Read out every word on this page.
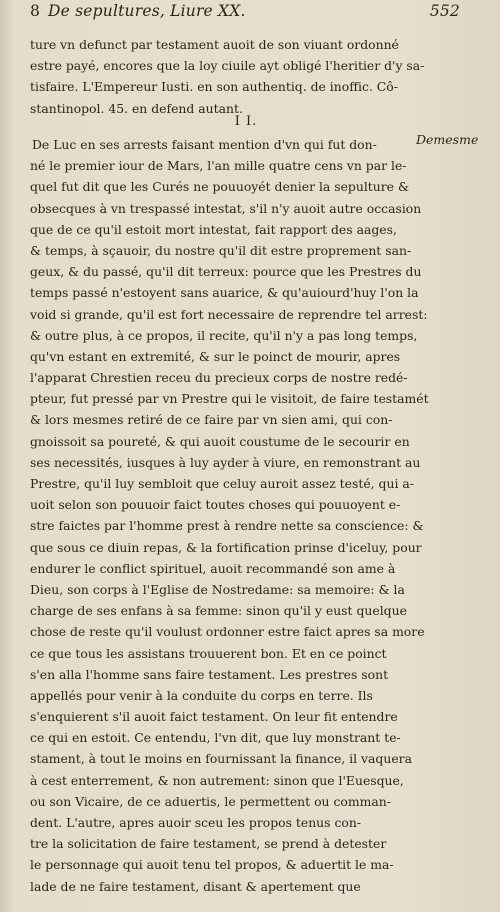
8 De sepultures, Liure XX.	552
ture vn defunct par testament auoit de son viuant ordonné
estre payé, encores que la loy ciuile ayt obligé l'heritier d'y sa-
tisfaire. L'Empereur Iusti. en son authentiq. de inoffic. Cô-
stantinopol. 45. en defend autant.
I I.
Demesme
De Luc en ses arrests faisant mention d'vn qui fut don-
né le premier iour de Mars, l'an mille quatre cens vn par le-
quel fut dit que les Curés ne pouuoyét denier la sepulture &
obsecques à vn trespassé intestat, s'il n'y auoit autre occasion
que de ce qu'il estoit mort intestat, fait rapport des aages,
& temps, à sçauoir, du nostre qu'il dit estre proprement san-
geux, & du passé, qu'il dit terreux: pource que les Prestres du
temps passé n'estoyent sans auarice, & qu'auiourd'huy l'on la
void si grande, qu'il est fort necessaire de reprendre tel arrest:
& outre plus, à ce propos, il recite, qu'il n'y a pas long temps,
qu'vn estant en extremité, & sur le poinct de mourir, apres
l'apparat Chrestien receu du precieux corps de nostre redé-
pteur, fut pressé par vn Prestre qui le visitoit, de faire testamét
& lors mesmes retiré de ce faire par vn sien ami, qui con-
gnoissoit sa poureté, & qui auoit coustume de le secourir en
ses necessités, iusques à luy ayder à viure, en remonstrant au
Prestre, qu'il luy sembloit que celuy auroit assez testé, qui a-
uoit selon son pouuoir faict toutes choses qui pouuoyent e-
stre faictes par l'homme prest à rendre nette sa conscience: &
que sous ce diuin repas, & la fortification prinse d'iceluy, pour
endurer le conflict spirituel, auoit recommandé son ame à
Dieu, son corps à l'Eglise de Nostredame: sa memoire: & la
charge de ses enfans à sa femme: sinon qu'il y eust quelque
chose de reste qu'il voulust ordonner estre faict apres sa more
ce que tous les assistans trouuerent bon. Et en ce poinct
s'en alla l'homme sans faire testament. Les prestres sont
appellés pour venir à la conduite du corps en terre. Ils
s'enquierent s'il auoit faict testament. On leur fit entendre
ce qui en estoit. Ce entendu, l'vn dit, que luy monstrant te-
stament, à tout le moins en fournissant la finance, il vaquera
à cest enterrement, & non autrement: sinon que l'Euesque,
ou son Vicaire, de ce aduertis, le permettent ou comman-
dent. L'autre, apres auoir sceu les propos tenus con-
tre la solicitation de faire testament, se prend à detester
le personnage qui auoit tenu tel propos, & aduertit le ma-
lade de ne faire testament, disant & apertement que
